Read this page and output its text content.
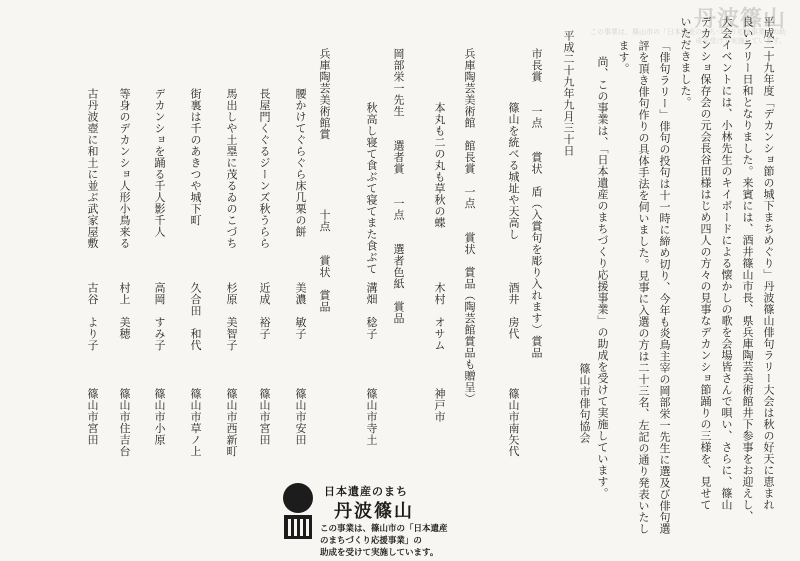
丹波篠山
この事業は、篠山市の「日本遺産のまちづくり応援事業」の助成を受けて実施しています。
平成二十九年度「デカンショ節の城下まちめぐり」丹波篠山俳句ラリー大会は秋の好天に恵まれ
良いラリー日和となりました。来賓には、酒井篠山市長、県兵庫陶芸美術館井下参事をお迎えし、
大会イベントには、小林先生のキイボードによる懐かしの歌を会場皆さんで唄い、さらに、篠山
デカンショ保存会の元会長谷田様はじめ四人の方々の見事なデカンショ節踊りの三様を、見せて
いただきました。
「俳句ラリー」俳句の投句は十一時に締め切り、今年も炎鳥主宰の岡部栄一先生に選及び俳句選
評を頂き俳句作りの具体手法を伺いました。見事に入選の方は二十三名、左記の通り発表いたし
ます。
尚、この事業は、「日本遺産のまちづくり応援事業」の助成を受けて実施しています。
篠山市俳句協会
平成二十九年九月三十日
市長賞　　一点　　賞状　盾（入賞句を彫り入れます）賞品
篠山を統べる城址や天高し
酒井　房代
篠山市南矢代
兵庫陶芸美術館　館長賞　一点　　賞状　賞品（陶芸館賞品も贈呈）
本丸も二の丸も草秋の蝶
木村　オサム
神戸市
岡部栄一先生　　選者賞　　一点　　選者色紙　賞品
秋高し寝て食ぶて寝てまた食ぶて
溝畑　稔子
篠山市寺土
兵庫陶芸美術館賞　　　　　　十点　　賞状　賞品
腰かけてぐらぐら床几栗の餅
美濃　敏子
篠山市安田
長屋門くぐるジーンズ秋うらら
近成　裕子
篠山市宮田
馬出しや土塁に茂るゐのこづち
杉原　美智子
篠山市西新町
街裏は千のあきつや城下町
久合田　和代
篠山市草ノ上
デカンショを踊る千人影千人
高岡　すみ子
篠山市小原
等身のデカンショ人形小鳥来る
村上　美穂
篠山市住吉台
古丹波壺に和土に並ぶ武家屋敷
古谷　より子
篠山市宮田
日本遺産のまち
丹波篠山
この事業は、篠山市の「日本遺産
のまちづくり応援事業」の
助成を受けて実施しています。
